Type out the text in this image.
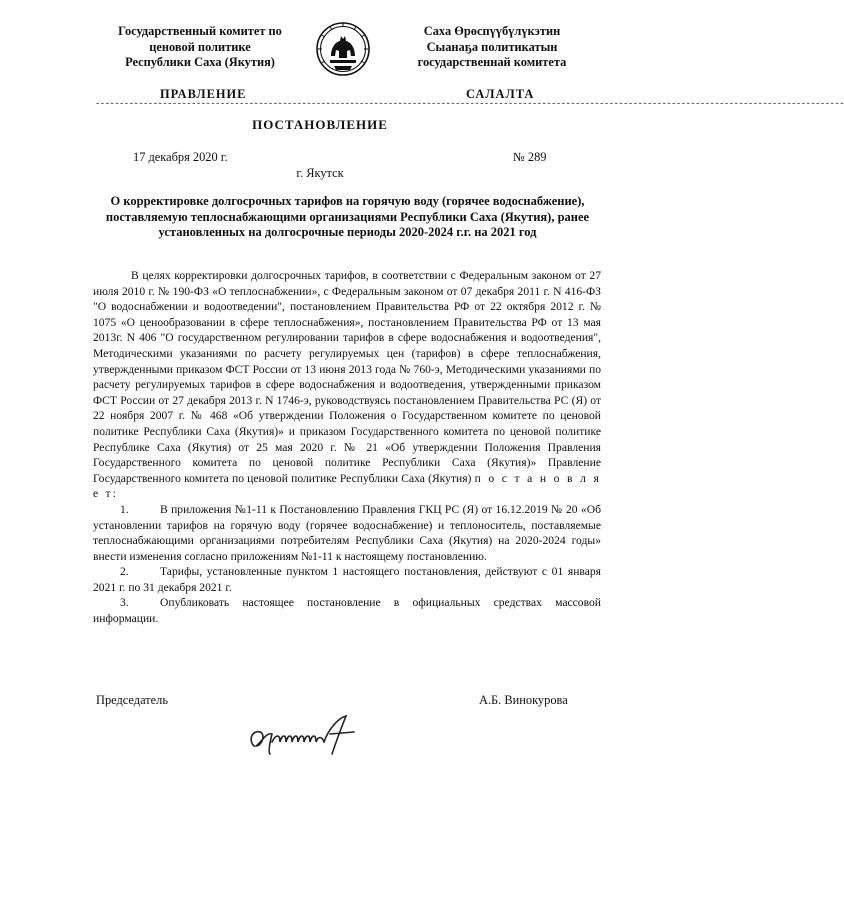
Государственный комитет по
ценовой политике
Республики Саха (Якутия)
Саха Өрөспүүбүлүкэтин
Сыанаҕа политикатын
государственнай комитета
ПРАВЛЕНИЕ	САЛАЛТА
------------------------------------------------------------------------------------------------------------------------------------------------------------
ПОСТАНОВЛЕНИЕ
17 декабря 2020 г.	№ 289
г. Якутск
О корректировке долгосрочных тарифов на горячую воду (горячее водоснабжение), поставляемую теплоснабжающими организациями Республики Саха (Якутия), ранее установленных на долгосрочные периоды 2020-2024 г.г. на 2021 год

В целях корректировки долгосрочных тарифов, в соответствии с Федеральным законом от 27 июля 2010 г. № 190-ФЗ «О теплоснабжении», с Федеральным законом от 07 декабря 2011 г. N 416-ФЗ "О водоснабжении и водоотведении", постановлением Правительства РФ от 22 октября 2012 г. № 1075 «О ценообразовании в сфере теплоснабжения», постановлением Правительства РФ от 13 мая 2013г. N 406 "О государственном регулировании тарифов в сфере водоснабжения и водоотведения", Методическими указаниями по расчету регулируемых цен (тарифов) в сфере теплоснабжения, утвержденными приказом ФСТ России от 13 июня 2013 года № 760-э, Методическими указаниями по расчету регулируемых тарифов в сфере водоснабжения и водоотведения, утвержденными приказом ФСТ России от 27 декабря 2013 г. N 1746-э, руководствуясь постановлением Правительства РС (Я) от 22 ноября 2007 г. № 468 «Об утверждении Положения о Государственном комитете по ценовой политике Республики Саха (Якутия)» и приказом Государственного комитета по ценовой политике Республике Саха (Якутия) от 25 мая 2020 г. № 21 «Об утверждении Положения Правления Государственного комитета по ценовой политике Республики Саха (Якутия)» Правление Государственного комитета по ценовой политике Республики Саха (Якутия) п о с т а н о в л я е т:

1.	В приложения №1-11 к Постановлению Правления ГКЦ РС (Я) от 16.12.2019 № 20 «Об установлении тарифов на горячую воду (горячее водоснабжение) и теплоноситель, поставляемые теплоснабжающими организациями потребителям Республики Саха (Якутия) на 2020-2024 годы» внести изменения согласно приложениям №1-11 к настоящему постановлению.

2.	Тарифы, установленные пунктом 1 настоящего постановления, действуют с 01 января 2021 г. по 31 декабря 2021 г.

3.	Опубликовать настоящее постановление в официальных средствах массовой информации.

Председатель	А.Б. Винокурова
